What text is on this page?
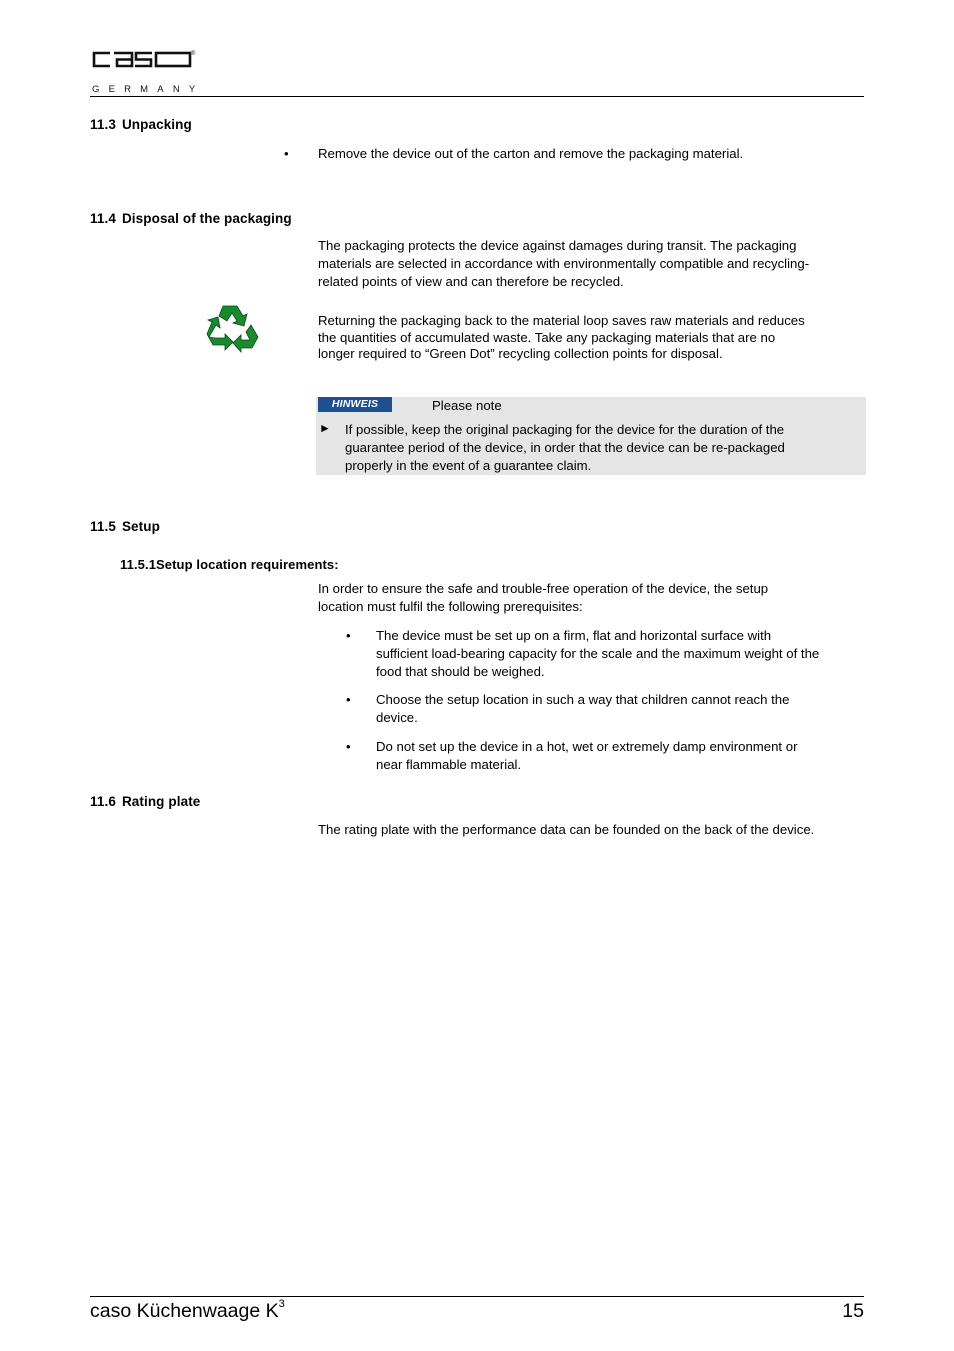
®
GERMANY
11.3 Unpacking
•	Remove the device out of the carton and remove the packaging material.
11.4 Disposal of the packaging
The packaging protects the device against damages during transit. The packaging
materials are selected in accordance with environmentally compatible and recycling-
related points of view and can therefore be recycled.
Returning the packaging back to the material loop saves raw materials and reduces
the quantities of accumulated waste. Take any packaging materials that are no
longer required to “Green Dot” recycling collection points for disposal.
HINWEIS	Please note
► If possible, keep the original packaging for the device for the duration of the
guarantee period of the device, in order that the device can be re-packaged
properly in the event of a guarantee claim.
11.5 Setup
11.5.1Setup location requirements:
In order to ensure the safe and trouble-free operation of the device, the setup
location must fulfil the following prerequisites:
•	The device must be set up on a firm, flat and horizontal surface with
sufficient load-bearing capacity for the scale and the maximum weight of the
food that should be weighed.
•	Choose the setup location in such a way that children cannot reach the
device.
•	Do not set up the device in a hot, wet or extremely damp environment or
near flammable material.
11.6 Rating plate
The rating plate with the performance data can be founded on the back of the device.
caso Küchenwaage $K^3$	15
